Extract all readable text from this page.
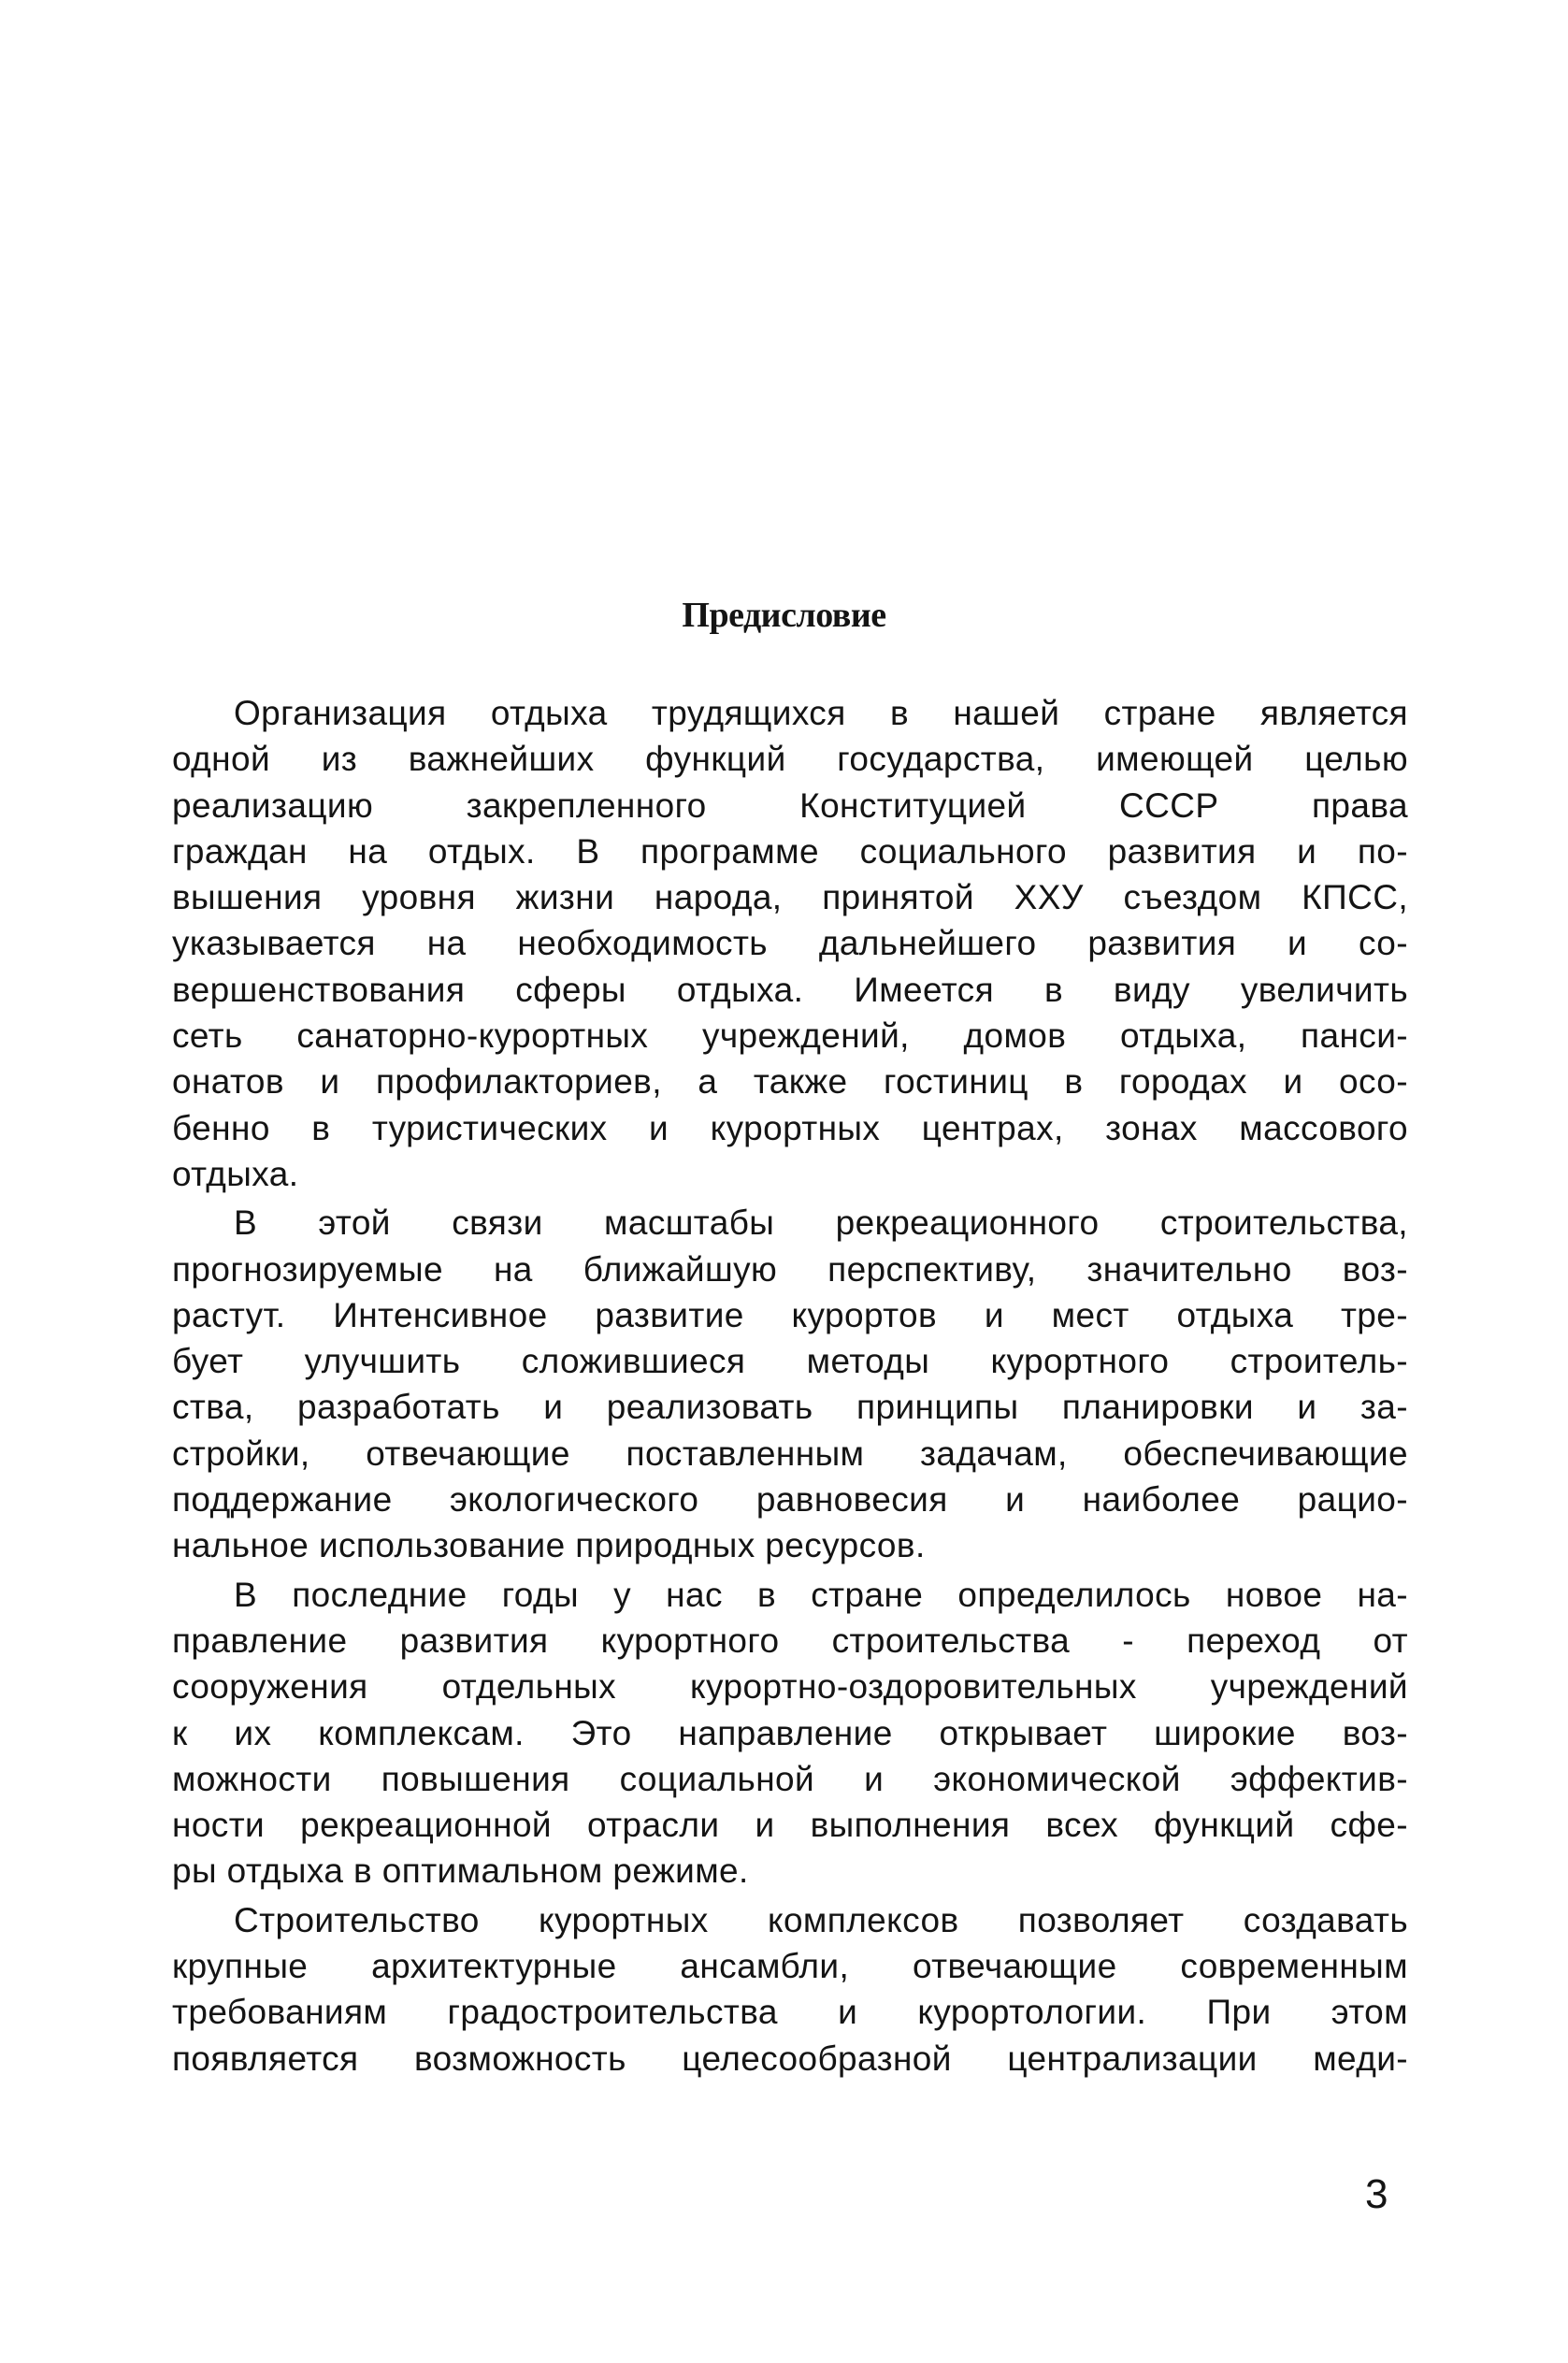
Предисловие

Организация отдыха трудящихся в нашей стране является
одной из важнейших функций государства, имеющей целью
реализацию закрепленного Конституцией СССР права
граждан на отдых. В программе социального развития и по-
вышения уровня жизни народа, принятой ХХУ съездом КПСС,
указывается на необходимость дальнейшего развития и со-
вершенствования сферы отдыха. Имеется в виду увеличить
сеть санаторно-курортных учреждений, домов отдыха, панси-
онатов и профилакториев, а также гостиниц в городах и осо-
бенно в туристических и курортных центрах, зонах массового
отдыха.

В этой связи масштабы рекреационного строительства,
прогнозируемые на ближайшую перспективу, значительно воз-
растут. Интенсивное развитие курортов и мест отдыха тре-
бует улучшить сложившиеся методы курортного строитель-
ства, разработать и реализовать принципы планировки и за-
стройки, отвечающие поставленным задачам, обеспечивающие
поддержание экологического равновесия и наиболее рацио-
нальное использование природных ресурсов.

В последние годы у нас в стране определилось новое на-
правление развития курортного строительства - переход от
сооружения отдельных курортно-оздоровительных учреждений
к их комплексам. Это направление открывает широкие воз-
можности повышения социальной и экономической эффектив-
ности рекреационной отрасли и выполнения всех функций сфе-
ры отдыха в оптимальном режиме.

Строительство курортных комплексов позволяет создавать
крупные архитектурные ансамбли, отвечающие современным
требованиям градостроительства и курортологии. При этом
появляется возможность целесообразной централизации меди-

3
